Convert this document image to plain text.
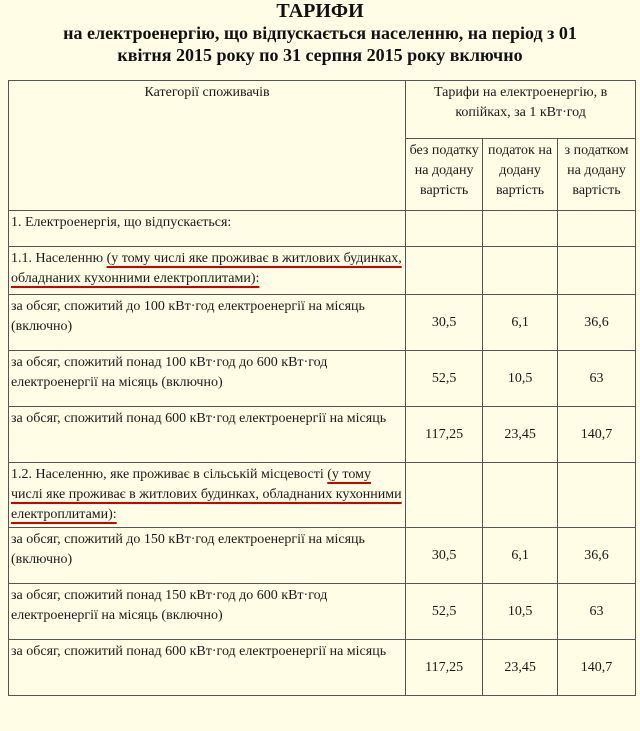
ТАРИФИ
на електроенергію, що відпускається населенню, на період з 01
квітня 2015 року по 31 серпня 2015 року включно
Категорії споживачів	Тарифи на електроенергію, в копійках, за 1 кВт·год		
	без податку на додану вартість	податок на додану вартість	з податком на додану вартість
1. Електроенергія, що відпускається:			
1.1. Населенню (у тому числі яке проживає в житлових будинках, обладнаних кухонними електроплитами):			
за обсяг, спожитий до 100 кВт·год електроенергії на місяць (включно)	30,5	6,1	36,6
за обсяг, спожитий понад 100 кВт·год до 600 кВт·год електроенергії на місяць (включно)	52,5	10,5	63
за обсяг, спожитий понад 600 кВт·год електроенергії на місяць	117,25	23,45	140,7
1.2. Населенню, яке проживає в сільській місцевості (у тому числі яке проживає в житлових будинках, обладнаних кухонними електроплитами):			
за обсяг, спожитий до 150 кВт·год електроенергії на місяць (включно)	30,5	6,1	36,6
за обсяг, спожитий понад 150 кВт·год до 600 кВт·год електроенергії на місяць (включно)	52,5	10,5	63
за обсяг, спожитий понад 600 кВт·год електроенергії на місяць	117,25	23,45	140,7
